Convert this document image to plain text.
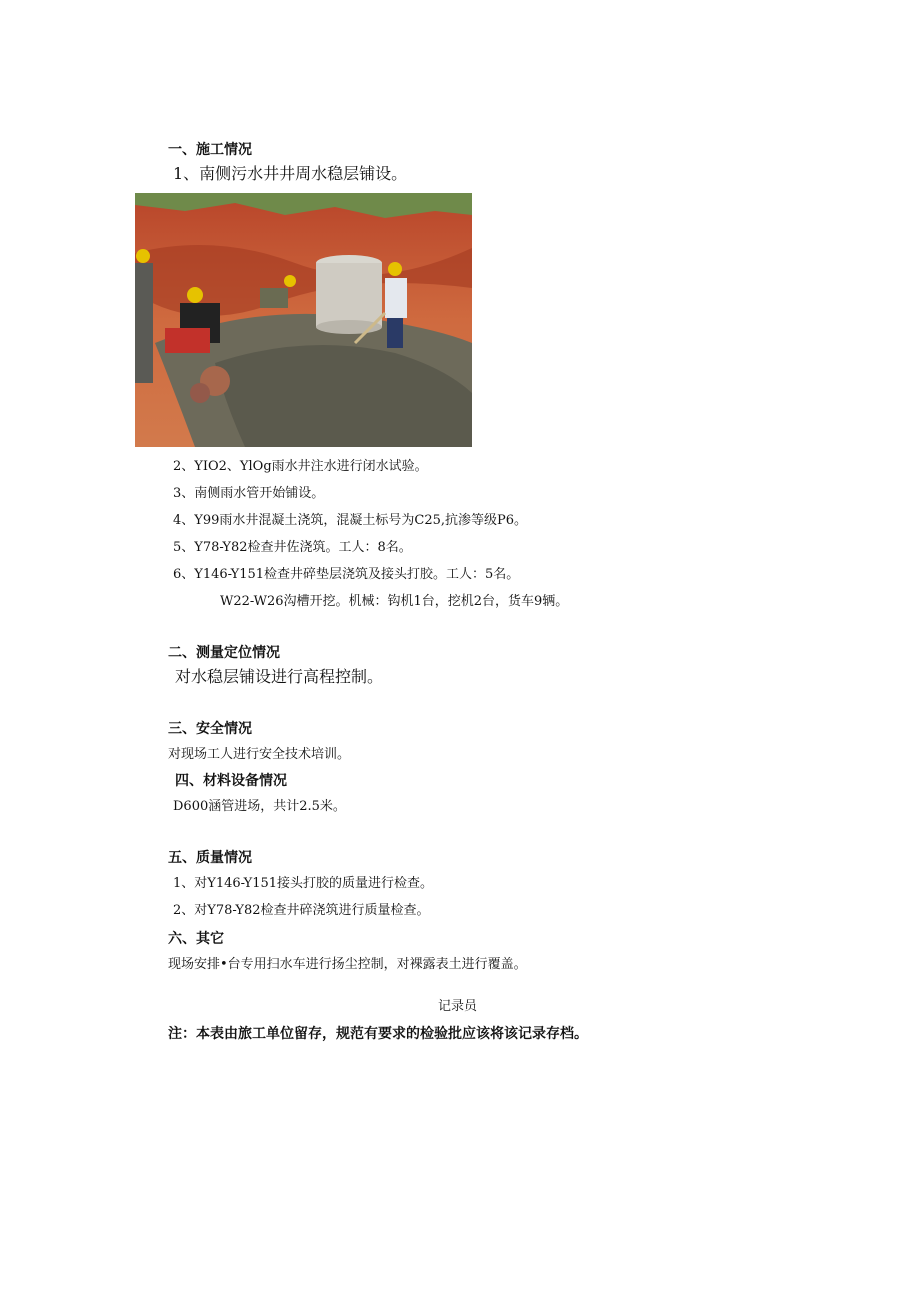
一、施工情况
1、南侧污水井井周水稳层铺设。
2、YIO2、YlOg雨水井注水进行闭水试验。
3、南侧雨水管开始铺设。
4、Y99雨水井混凝土浇筑，混凝土标号为C25,抗渗等级P6。
5、Y78-Y82检查井佐浇筑。工人：8名。
6、Y146-Y151检查井碎垫层浇筑及接头打胶。工人：5名。
W22-W26沟槽开挖。机械：钩机1台，挖机2台，货车9辆。
二、测量定位情况
对水稳层铺设进行高程控制。
三、安全情况
对现场工人进行安全技术培训。
四、材料设备情况
D600涵管进场，共计2.5米。
五、质量情况
1、对Y146-Y151接头打胶的质量进行检查。
2、对Y78-Y82检查井碎浇筑进行质量检查。
六、其它
现场安排•台专用扫水车进行扬尘控制，对裸露表土进行覆盖。
记录员
注：本表由旅工单位留存，规范有要求的检验批应该将该记录存档。
